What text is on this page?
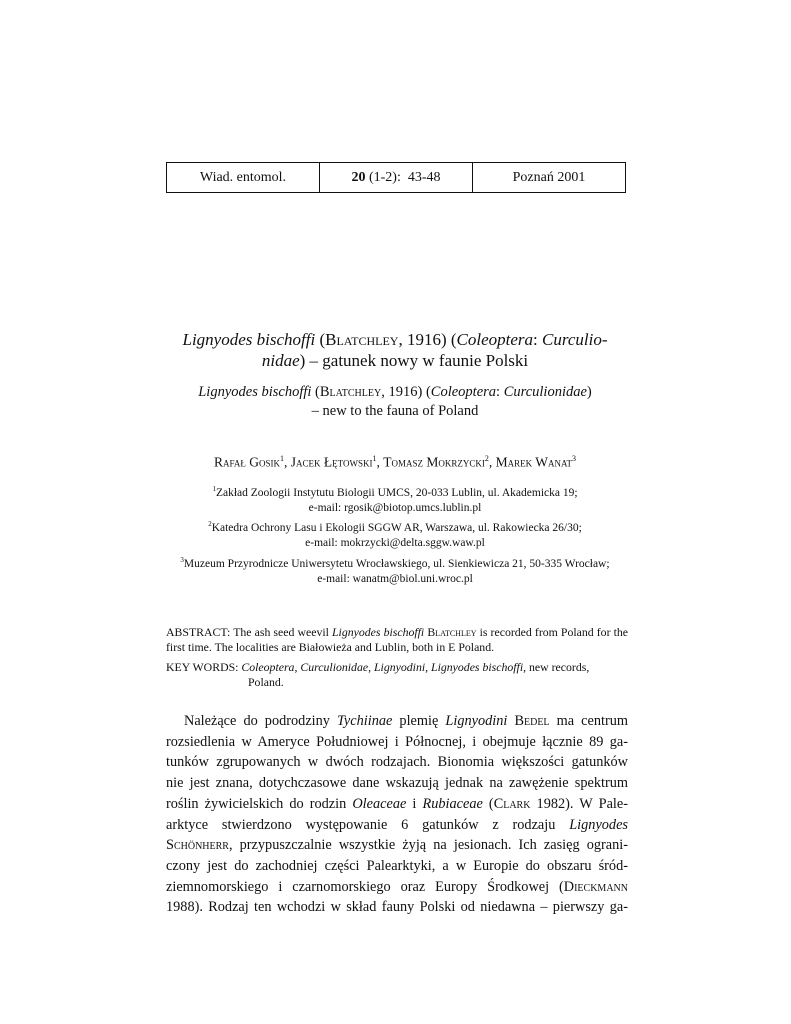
Wiad. entomol.	20 (1-2):  43-48	Poznań 2001
Lignyodes bischoffi (Blatchley, 1916) (Coleoptera: Curculio-
nidae) – gatunek nowy w faunie Polski
Lignyodes bischoffi (Blatchley, 1916) (Coleoptera: Curculionidae)
– new to the fauna of Poland
Rafał Gosik$^1$, Jacek Łętowski$^1$, Tomasz Mokrzycki$^2$, Marek Wanat$^3$
$^1$Zakład Zoologii Instytutu Biologii UMCS, 20-033 Lublin, ul. Akademicka 19;
e-mail: rgosik@biotop.umcs.lublin.pl
$^2$Katedra Ochrony Lasu i Ekologii SGGW AR, Warszawa, ul. Rakowiecka 26/30;
e-mail: mokrzycki@delta.sggw.waw.pl
$^3$Muzeum Przyrodnicze Uniwersytetu Wrocławskiego, ul. Sienkiewicza 21, 50-335 Wrocław;
e-mail: wanatm@biol.uni.wroc.pl
ABSTRACT: The ash seed weevil Lignyodes bischoffi Blatchley is recorded from Poland for the first time. The localities are Białowieża and Lublin, both in E Poland.
KEY WORDS: Coleoptera, Curculionidae, Lignyodini, Lignyodes bischoffi, new records,
Poland.
Należące do podrodziny Tychiinae plemię Lignyodini Bedel ma centrum
rozsiedlenia w Ameryce Południowej i Północnej, i obejmuje łącznie 89 ga-
tunków zgrupowanych w dwóch rodzajach. Bionomia większości gatunków
nie jest znana, dotychczasowe dane wskazują jednak na zawężenie spektrum
roślin żywicielskich do rodzin Oleaceae i Rubiaceae (Clark 1982). W Pale-
arktyce stwierdzono występowanie 6 gatunków z rodzaju Lignyodes
Schönherr, przypuszczalnie wszystkie żyją na jesionach. Ich zasięg ograni-
czony jest do zachodniej części Palearktyki, a w Europie do obszaru śród-
ziemnomorskiego i czarnomorskiego oraz Europy Środkowej (Dieckmann
1988). Rodzaj ten wchodzi w skład fauny Polski od niedawna – pierwszy ga-
